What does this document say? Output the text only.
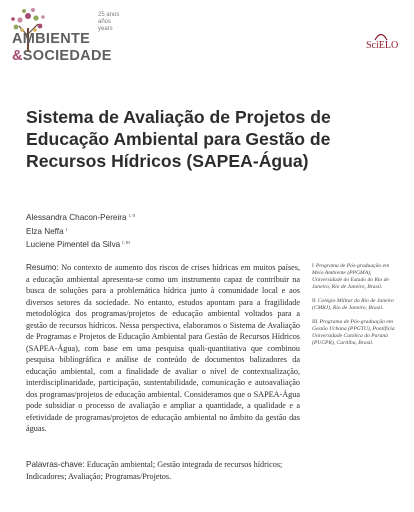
25 anos
años
years
AMBIENTE
&SOCIEDADE
SciELO
Sistema de Avaliação de Projetos de Educação Ambiental para Gestão de Recursos Hídricos (SAPEA-Água)
Alessandra Chacon-Pereira $^{I, II}$
Elza Neffa $^I$
Luciene Pimentel da Silva $^{I, III}$

Resumo: No contexto de aumento dos riscos de crises hídricas em muitos países, a educação ambiental apresenta-se como um instrumento capaz de contribuir na busca de soluções para a problemática hídrica junto à comunidade local e aos diversos setores da sociedade. No entanto, estudos apontam para a fragilidade metodológica dos programas/projetos de educação ambiental voltados para a gestão de recursos hídricos. Nessa perspectiva, elaboramos o Sistema de Avaliação de Programas e Projetos de Educação Ambiental para Gestão de Recursos Hídricos (SAPEA-Água), com base em uma pesquisa quali-quantitativa que combinou pesquisa bibliográfica e análise de conteúdo de documentos balizadores da educação ambiental, com a finalidade de avaliar o nível de contextualização, interdisciplinaridade, participação, sustentabilidade, comunicação e autoavaliação dos programas/projetos de educação ambiental. Consideramos que o SAPEA-Água pode subsidiar o processo de avaliação e ampliar a quantidade, a qualidade e a efetividade de programas/projetos de educação ambiental no âmbito da gestão das águas.

Palavras-chave: Educação ambiental; Gestão integrada de recursos hídricos; Indicadores; Avaliação; Programas/Projetos.

I Programa de Pós-graduação em Meio Ambiente (PPGMA), Universidade do Estado do Rio de Janeiro, Rio de Janeiro, Brasil.

II Colégio Militar do Rio de Janeiro (CMRJ), Rio de Janeiro, Brasil.

III Programa de Pós-graduação em Gestão Urbana (PPGTU), Pontifícia Universidade Católica do Paraná (PUCPR), Curitiba, Brasil.
